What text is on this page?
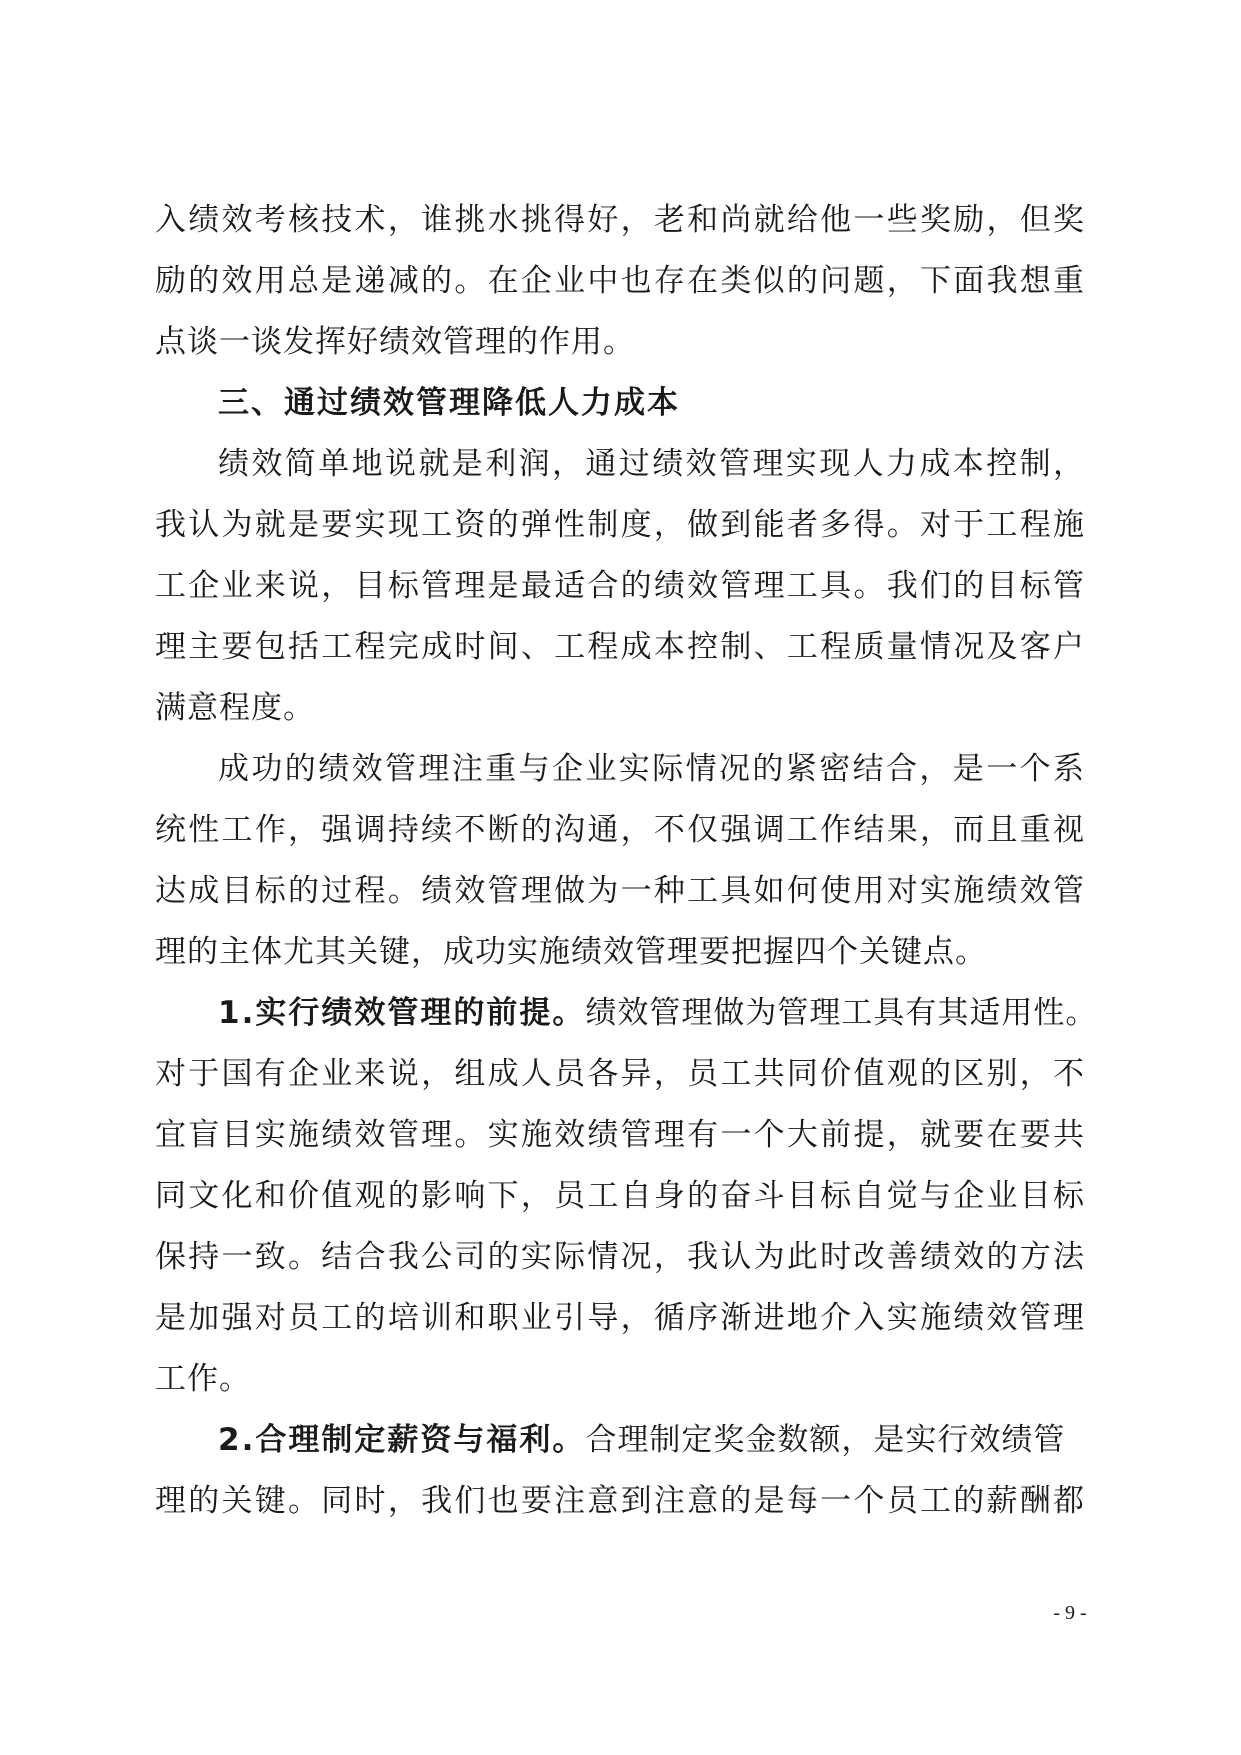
入绩效考核技术，谁挑水挑得好，老和尚就给他一些奖励，但奖
励的效用总是递减的。在企业中也存在类似的问题，下面我想重
点谈一谈发挥好绩效管理的作用。
三、通过绩效管理降低人力成本
绩效简单地说就是利润，通过绩效管理实现人力成本控制，
我认为就是要实现工资的弹性制度，做到能者多得。对于工程施
工企业来说，目标管理是最适合的绩效管理工具。我们的目标管
理主要包括工程完成时间、工程成本控制、工程质量情况及客户
满意程度。
成功的绩效管理注重与企业实际情况的紧密结合，是一个系
统性工作，强调持续不断的沟通，不仅强调工作结果，而且重视
达成目标的过程。绩效管理做为一种工具如何使用对实施绩效管
理的主体尤其关键，成功实施绩效管理要把握四个关键点。
1.实行绩效管理的前提。绩效管理做为管理工具有其适用性。
对于国有企业来说，组成人员各异，员工共同价值观的区别，不
宜盲目实施绩效管理。实施效绩管理有一个大前提，就要在要共
同文化和价值观的影响下，员工自身的奋斗目标自觉与企业目标
保持一致。结合我公司的实际情况，我认为此时改善绩效的方法
是加强对员工的培训和职业引导，循序渐进地介入实施绩效管理
工作。
2.合理制定薪资与福利。合理制定奖金数额，是实行效绩管
理的关键。同时，我们也要注意到注意的是每一个员工的薪酬都
- 9 -
